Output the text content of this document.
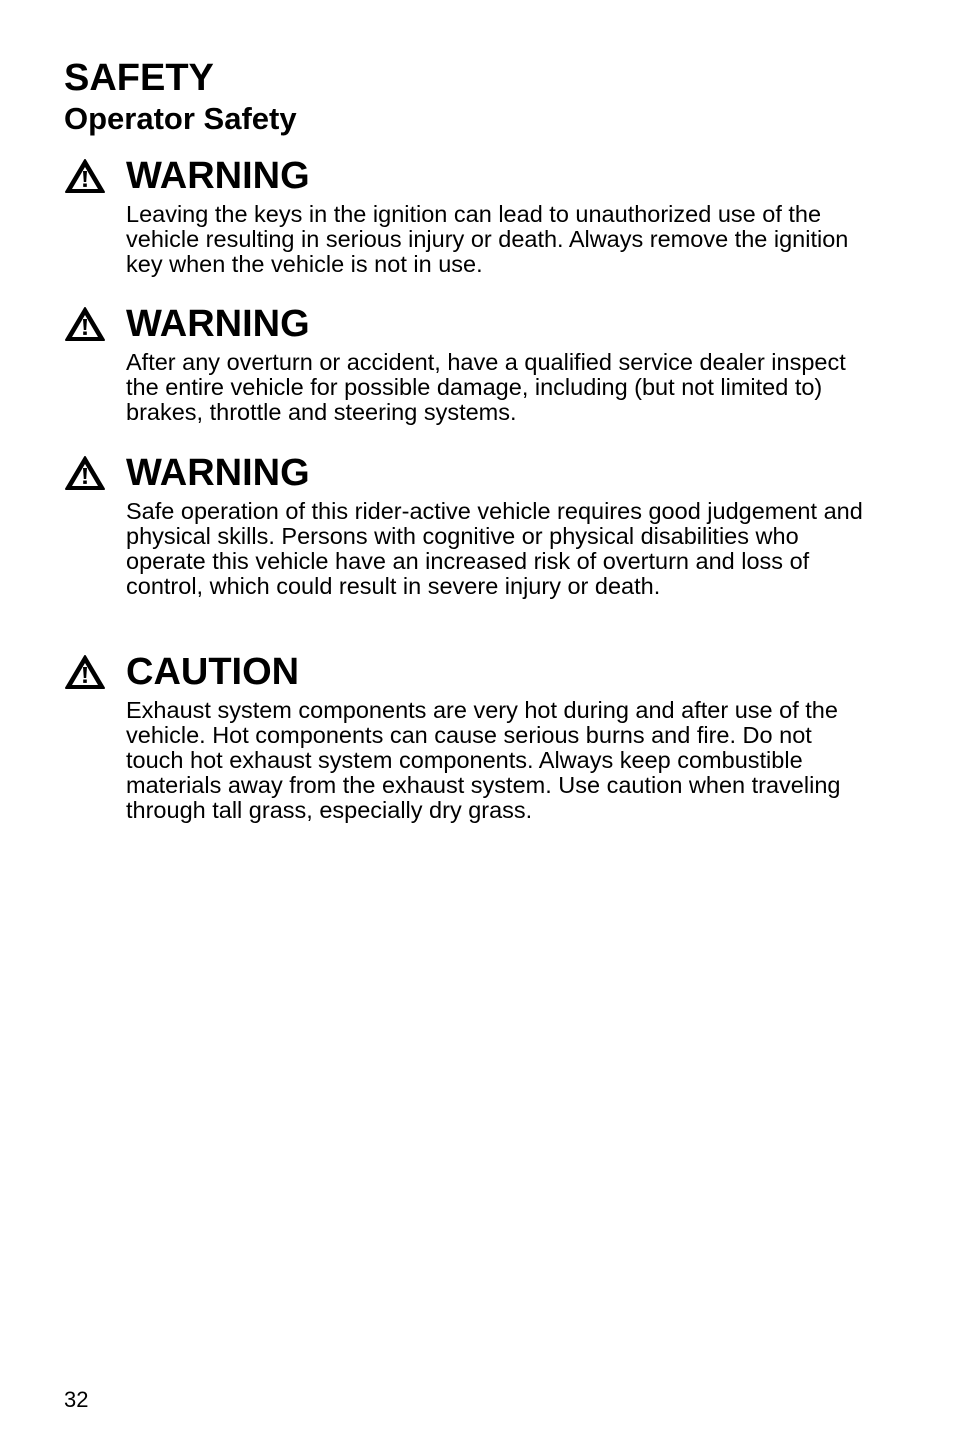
SAFETY
Operator Safety
WARNING
Leaving the keys in the ignition can lead to unauthorized use of the vehicle resulting in serious injury or death. Always remove the ignition key when the vehicle is not in use.
WARNING
After any overturn or accident, have a qualified service dealer inspect the entire vehicle for possible damage, including (but not limited to) brakes, throttle and steering systems.
WARNING
Safe operation of this rider-active vehicle requires good judgement and physical skills. Persons with cognitive or physical disabilities who operate this vehicle have an increased risk of overturn and loss of control, which could result in severe injury or death.
CAUTION
Exhaust system components are very hot during and after use of the vehicle. Hot components can cause serious burns and fire. Do not touch hot exhaust system components. Always keep combustible materials away from the exhaust system. Use caution when traveling through tall grass, especially dry grass.
32
